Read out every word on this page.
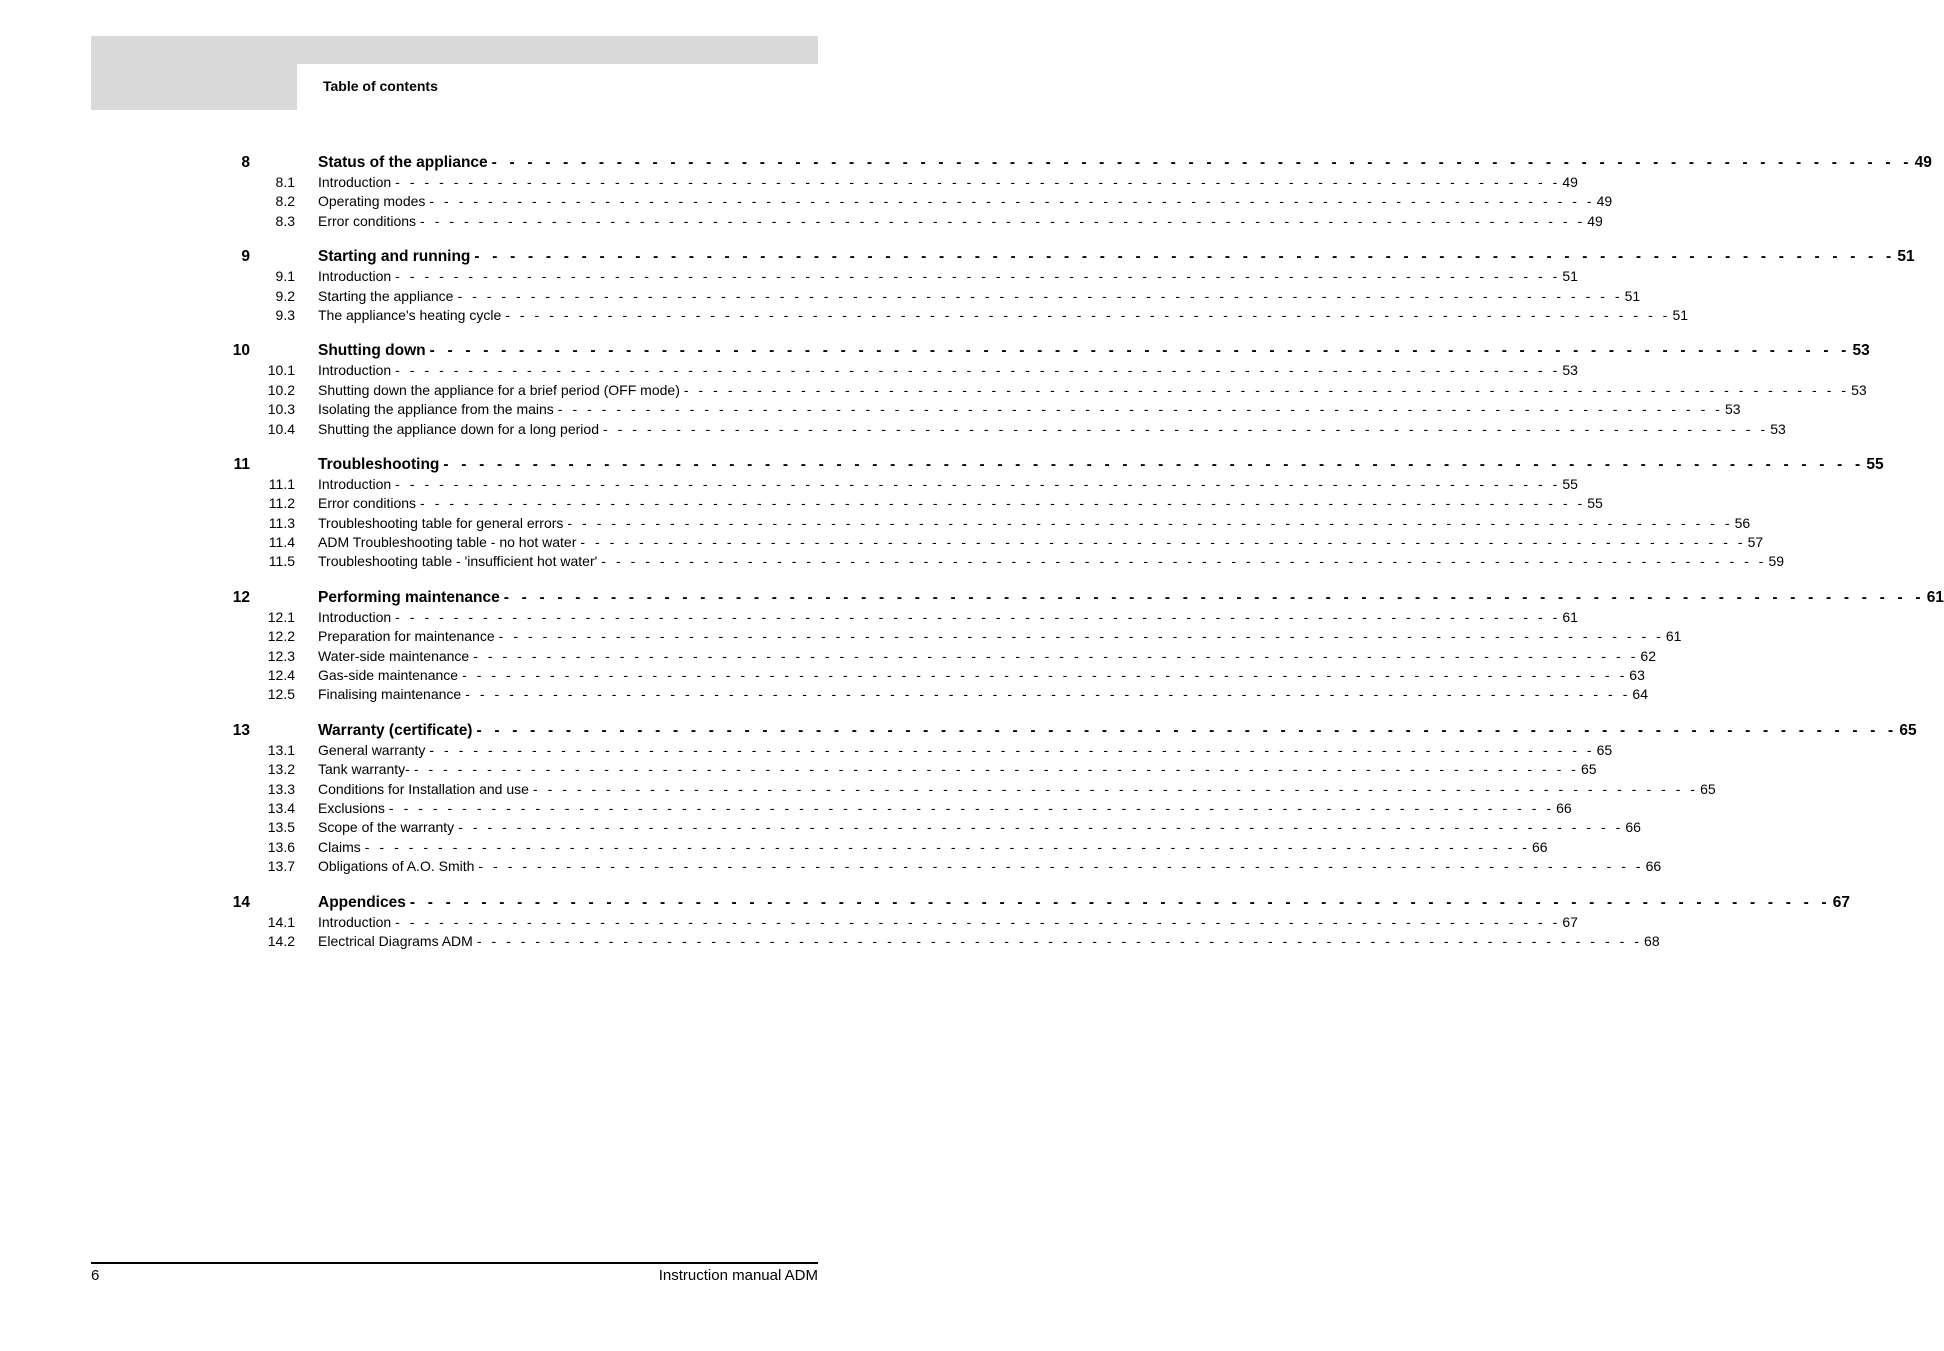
Table of contents
8	Status of the appliance - - - - - - - - - - - - - - - - - - - - - - - - - - - - - - - - - - - - - - - - - - - - - - - - - - - - - - - - - - - - - - - - - - - - - - - - - - - - - - - - 49
8.1 Introduction - - - - - - - - - - - - - - - - - - - - - - - - - - - - - - - - - - - - - - - - - - - - - - - - - - - - - - - - - - - - - - - - - - - - - - - - - - - - - - - - 49
8.2 Operating modes - - - - - - - - - - - - - - - - - - - - - - - - - - - - - - - - - - - - - - - - - - - - - - - - - - - - - - - - - - - - - - - - - - - - - - - - - - - - - - - - 49
8.3 Error conditions - - - - - - - - - - - - - - - - - - - - - - - - - - - - - - - - - - - - - - - - - - - - - - - - - - - - - - - - - - - - - - - - - - - - - - - - - - - - - - - - 49
9	Starting and running - - - - - - - - - - - - - - - - - - - - - - - - - - - - - - - - - - - - - - - - - - - - - - - - - - - - - - - - - - - - - - - - - - - - - - - - - - - - - - - - 51
9.1 Introduction - - - - - - - - - - - - - - - - - - - - - - - - - - - - - - - - - - - - - - - - - - - - - - - - - - - - - - - - - - - - - - - - - - - - - - - - - - - - - - - - 51
9.2 Starting the appliance - - - - - - - - - - - - - - - - - - - - - - - - - - - - - - - - - - - - - - - - - - - - - - - - - - - - - - - - - - - - - - - - - - - - - - - - - - - - - - - - 51
9.3 The appliance's heating cycle - - - - - - - - - - - - - - - - - - - - - - - - - - - - - - - - - - - - - - - - - - - - - - - - - - - - - - - - - - - - - - - - - - - - - - - - - - - - - - - - 51
10	Shutting down - - - - - - - - - - - - - - - - - - - - - - - - - - - - - - - - - - - - - - - - - - - - - - - - - - - - - - - - - - - - - - - - - - - - - - - - - - - - - - - - 53
10.1 Introduction - - - - - - - - - - - - - - - - - - - - - - - - - - - - - - - - - - - - - - - - - - - - - - - - - - - - - - - - - - - - - - - - - - - - - - - - - - - - - - - - 53
10.2 Shutting down the appliance for a brief period (OFF mode) - - - - - - - - - - - - - - - - - - - - - - - - - - - - - - - - - - - - - - - - - - - - - - - - - - - - - - - - - - - - - - - - - - - - - - - - - - - - - - - - 53
10.3 Isolating the appliance from the mains - - - - - - - - - - - - - - - - - - - - - - - - - - - - - - - - - - - - - - - - - - - - - - - - - - - - - - - - - - - - - - - - - - - - - - - - - - - - - - - - 53
10.4 Shutting the appliance down for a long period - - - - - - - - - - - - - - - - - - - - - - - - - - - - - - - - - - - - - - - - - - - - - - - - - - - - - - - - - - - - - - - - - - - - - - - - - - - - - - - - 53
11	Troubleshooting - - - - - - - - - - - - - - - - - - - - - - - - - - - - - - - - - - - - - - - - - - - - - - - - - - - - - - - - - - - - - - - - - - - - - - - - - - - - - - - - 55
11.1 Introduction - - - - - - - - - - - - - - - - - - - - - - - - - - - - - - - - - - - - - - - - - - - - - - - - - - - - - - - - - - - - - - - - - - - - - - - - - - - - - - - - 55
11.2 Error conditions - - - - - - - - - - - - - - - - - - - - - - - - - - - - - - - - - - - - - - - - - - - - - - - - - - - - - - - - - - - - - - - - - - - - - - - - - - - - - - - - 55
11.3 Troubleshooting table for general errors - - - - - - - - - - - - - - - - - - - - - - - - - - - - - - - - - - - - - - - - - - - - - - - - - - - - - - - - - - - - - - - - - - - - - - - - - - - - - - - - 56
11.4 ADM Troubleshooting table - no hot water - - - - - - - - - - - - - - - - - - - - - - - - - - - - - - - - - - - - - - - - - - - - - - - - - - - - - - - - - - - - - - - - - - - - - - - - - - - - - - - - 57
11.5 Troubleshooting table - 'insufficient hot water' - - - - - - - - - - - - - - - - - - - - - - - - - - - - - - - - - - - - - - - - - - - - - - - - - - - - - - - - - - - - - - - - - - - - - - - - - - - - - - - - 59
12	Performing maintenance - - - - - - - - - - - - - - - - - - - - - - - - - - - - - - - - - - - - - - - - - - - - - - - - - - - - - - - - - - - - - - - - - - - - - - - - - - - - - - - - 61
12.1 Introduction - - - - - - - - - - - - - - - - - - - - - - - - - - - - - - - - - - - - - - - - - - - - - - - - - - - - - - - - - - - - - - - - - - - - - - - - - - - - - - - - 61
12.2 Preparation for maintenance - - - - - - - - - - - - - - - - - - - - - - - - - - - - - - - - - - - - - - - - - - - - - - - - - - - - - - - - - - - - - - - - - - - - - - - - - - - - - - - - 61
12.3 Water-side maintenance - - - - - - - - - - - - - - - - - - - - - - - - - - - - - - - - - - - - - - - - - - - - - - - - - - - - - - - - - - - - - - - - - - - - - - - - - - - - - - - - 62
12.4 Gas-side maintenance - - - - - - - - - - - - - - - - - - - - - - - - - - - - - - - - - - - - - - - - - - - - - - - - - - - - - - - - - - - - - - - - - - - - - - - - - - - - - - - - 63
12.5 Finalising maintenance - - - - - - - - - - - - - - - - - - - - - - - - - - - - - - - - - - - - - - - - - - - - - - - - - - - - - - - - - - - - - - - - - - - - - - - - - - - - - - - - 64
13	Warranty (certificate) - - - - - - - - - - - - - - - - - - - - - - - - - - - - - - - - - - - - - - - - - - - - - - - - - - - - - - - - - - - - - - - - - - - - - - - - - - - - - - - - 65
13.1 General warranty - - - - - - - - - - - - - - - - - - - - - - - - - - - - - - - - - - - - - - - - - - - - - - - - - - - - - - - - - - - - - - - - - - - - - - - - - - - - - - - - 65
13.2 Tank warranty- - - - - - - - - - - - - - - - - - - - - - - - - - - - - - - - - - - - - - - - - - - - - - - - - - - - - - - - - - - - - - - - - - - - - - - - - - - - - - - - - 65
13.3 Conditions for Installation and use - - - - - - - - - - - - - - - - - - - - - - - - - - - - - - - - - - - - - - - - - - - - - - - - - - - - - - - - - - - - - - - - - - - - - - - - - - - - - - - - 65
13.4 Exclusions - - - - - - - - - - - - - - - - - - - - - - - - - - - - - - - - - - - - - - - - - - - - - - - - - - - - - - - - - - - - - - - - - - - - - - - - - - - - - - - - 66
13.5 Scope of the warranty - - - - - - - - - - - - - - - - - - - - - - - - - - - - - - - - - - - - - - - - - - - - - - - - - - - - - - - - - - - - - - - - - - - - - - - - - - - - - - - - 66
13.6 Claims - - - - - - - - - - - - - - - - - - - - - - - - - - - - - - - - - - - - - - - - - - - - - - - - - - - - - - - - - - - - - - - - - - - - - - - - - - - - - - - - 66
13.7 Obligations of A.O. Smith - - - - - - - - - - - - - - - - - - - - - - - - - - - - - - - - - - - - - - - - - - - - - - - - - - - - - - - - - - - - - - - - - - - - - - - - - - - - - - - - 66
14	Appendices - - - - - - - - - - - - - - - - - - - - - - - - - - - - - - - - - - - - - - - - - - - - - - - - - - - - - - - - - - - - - - - - - - - - - - - - - - - - - - - - 67
14.1 Introduction - - - - - - - - - - - - - - - - - - - - - - - - - - - - - - - - - - - - - - - - - - - - - - - - - - - - - - - - - - - - - - - - - - - - - - - - - - - - - - - - 67
14.2 Electrical Diagrams ADM - - - - - - - - - - - - - - - - - - - - - - - - - - - - - - - - - - - - - - - - - - - - - - - - - - - - - - - - - - - - - - - - - - - - - - - - - - - - - - - - 68
6	Instruction manual ADM
